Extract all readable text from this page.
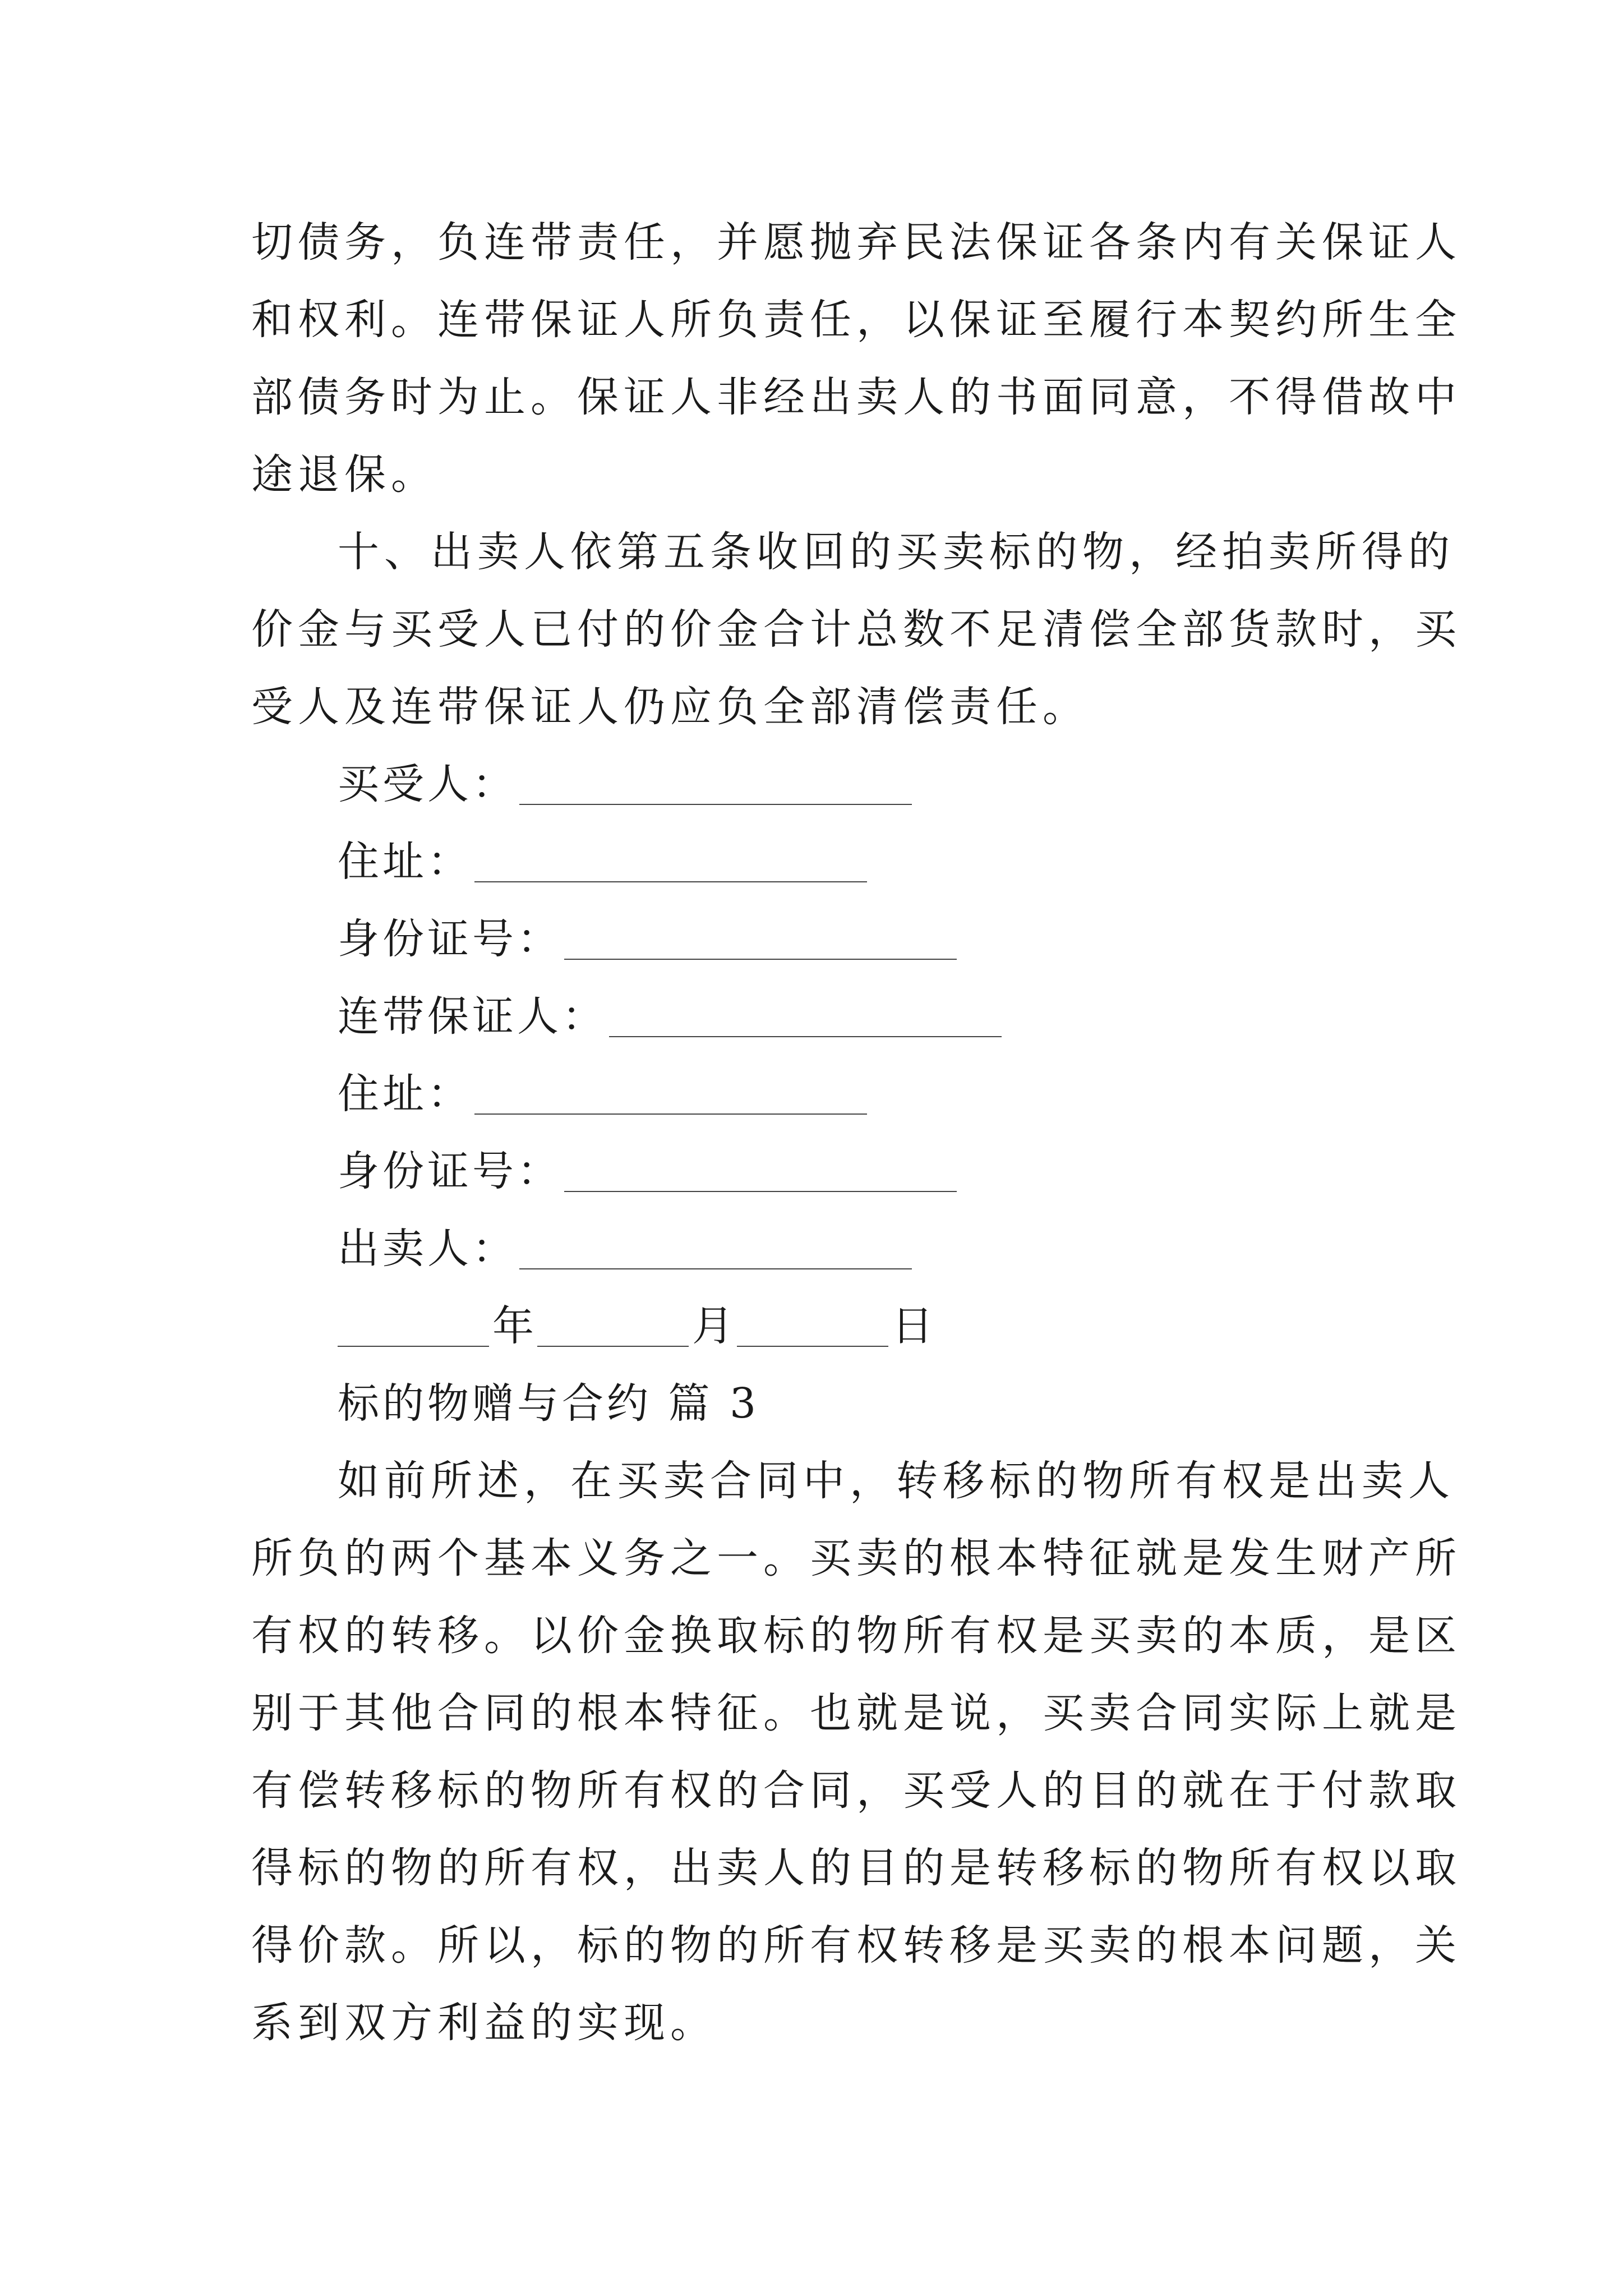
切债务，负连带责任，并愿抛弃民法保证各条内有关保证人
和权利。连带保证人所负责任，以保证至履行本契约所生全
部债务时为止。保证人非经出卖人的书面同意，不得借故中
途退保。
十、出卖人依第五条收回的买卖标的物，经拍卖所得的
价金与买受人已付的价金合计总数不足清偿全部货款时，买
受人及连带保证人仍应负全部清偿责任。
买受人：
住址：
身份证号：
连带保证人：
住址：
身份证号：
出卖人：
年	月	日
标的物赠与合约 篇 3
如前所述，在买卖合同中，转移标的物所有权是出卖人
所负的两个基本义务之一。买卖的根本特征就是发生财产所
有权的转移。以价金换取标的物所有权是买卖的本质，是区
别于其他合同的根本特征。也就是说，买卖合同实际上就是
有偿转移标的物所有权的合同，买受人的目的就在于付款取
得标的物的所有权，出卖人的目的是转移标的物所有权以取
得价款。所以，标的物的所有权转移是买卖的根本问题，关
系到双方利益的实现。
